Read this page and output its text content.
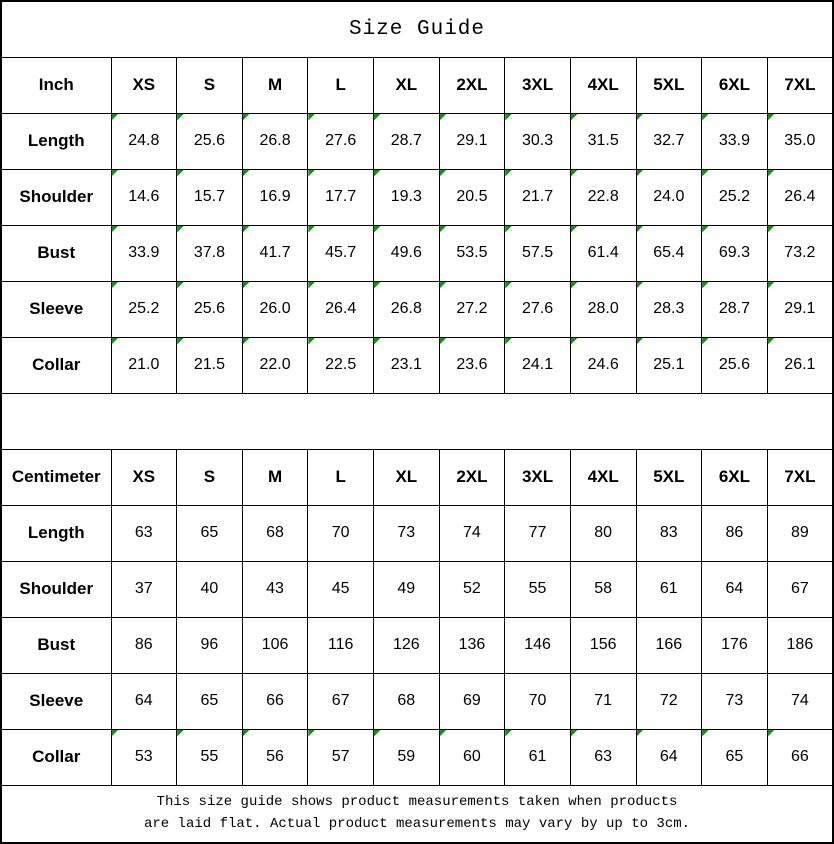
Size Guide											
Inch	XS	S	M	L	XL	2XL	3XL	4XL	5XL	6XL	7XL
Length	24.8	25.6	26.8	27.6	28.7	29.1	30.3	31.5	32.7	33.9	35.0

Shoulder	14.6	15.7	16.9	17.7	19.3	20.5	21.7	22.8	24.0	25.2	26.4

Bust	33.9	37.8	41.7	45.7	49.6	53.5	57.5	61.4	65.4	69.3	73.2

Sleeve	25.2	25.6	26.0	26.4	26.8	27.2	27.6	28.0	28.3	28.7	29.1

Collar	21.0	21.5	22.0	22.5	23.1	23.6	24.1	24.6	25.1	25.6	26.1

Centimeter	XS	S	M	L	XL	2XL	3XL	4XL	5XL	6XL	7XL
Length	63	65	68	70	73	74	77	80	83	86	89
Shoulder	37	40	43	45	49	52	55	58	61	64	67
Bust	86	96	106	116	126	136	146	156	166	176	186
Sleeve	64	65	66	67	68	69	70	71	72	73	74
Collar	53	55	56	57	59	60	61	63	64	65	66

This size guide shows product measurements taken when products
are laid flat. Actual product measurements may vary by up to 3cm.											
